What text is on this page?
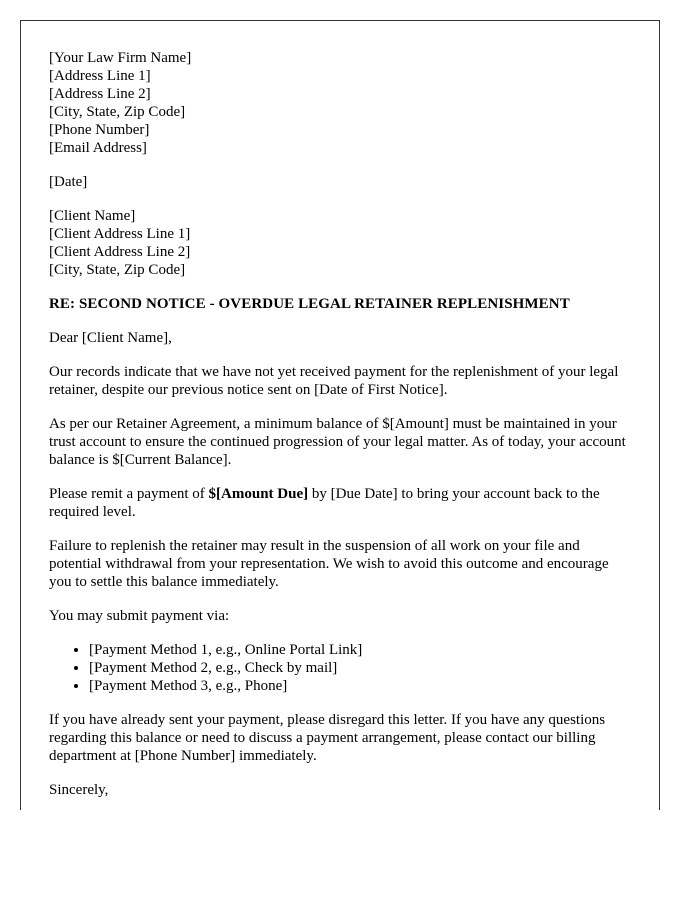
[Your Law Firm Name]
[Address Line 1]
[Address Line 2]
[City, State, Zip Code]
[Phone Number]
[Email Address]
[Date]
[Client Name]
[Client Address Line 1]
[Client Address Line 2]
[City, State, Zip Code]
RE: SECOND NOTICE - OVERDUE LEGAL RETAINER REPLENISHMENT

Dear [Client Name],

Our records indicate that we have not yet received payment for the replenishment of your legal retainer, despite our previous notice sent on [Date of First Notice].

As per our Retainer Agreement, a minimum balance of $[Amount] must be maintained in your trust account to ensure the continued progression of your legal matter. As of today, your account balance is $[Current Balance].

Please remit a payment of $[Amount Due] by [Due Date] to bring your account back to the required level.

Failure to replenish the retainer may result in the suspension of all work on your file and potential withdrawal from your representation. We wish to avoid this outcome and encourage you to settle this balance immediately.

You may submit payment via:

• [Payment Method 1, e.g., Online Portal Link]
• [Payment Method 2, e.g., Check by mail]
• [Payment Method 3, e.g., Phone]

If you have already sent your payment, please disregard this letter. If you have any questions regarding this balance or need to discuss a payment arrangement, please contact our billing department at [Phone Number] immediately.

Sincerely,
